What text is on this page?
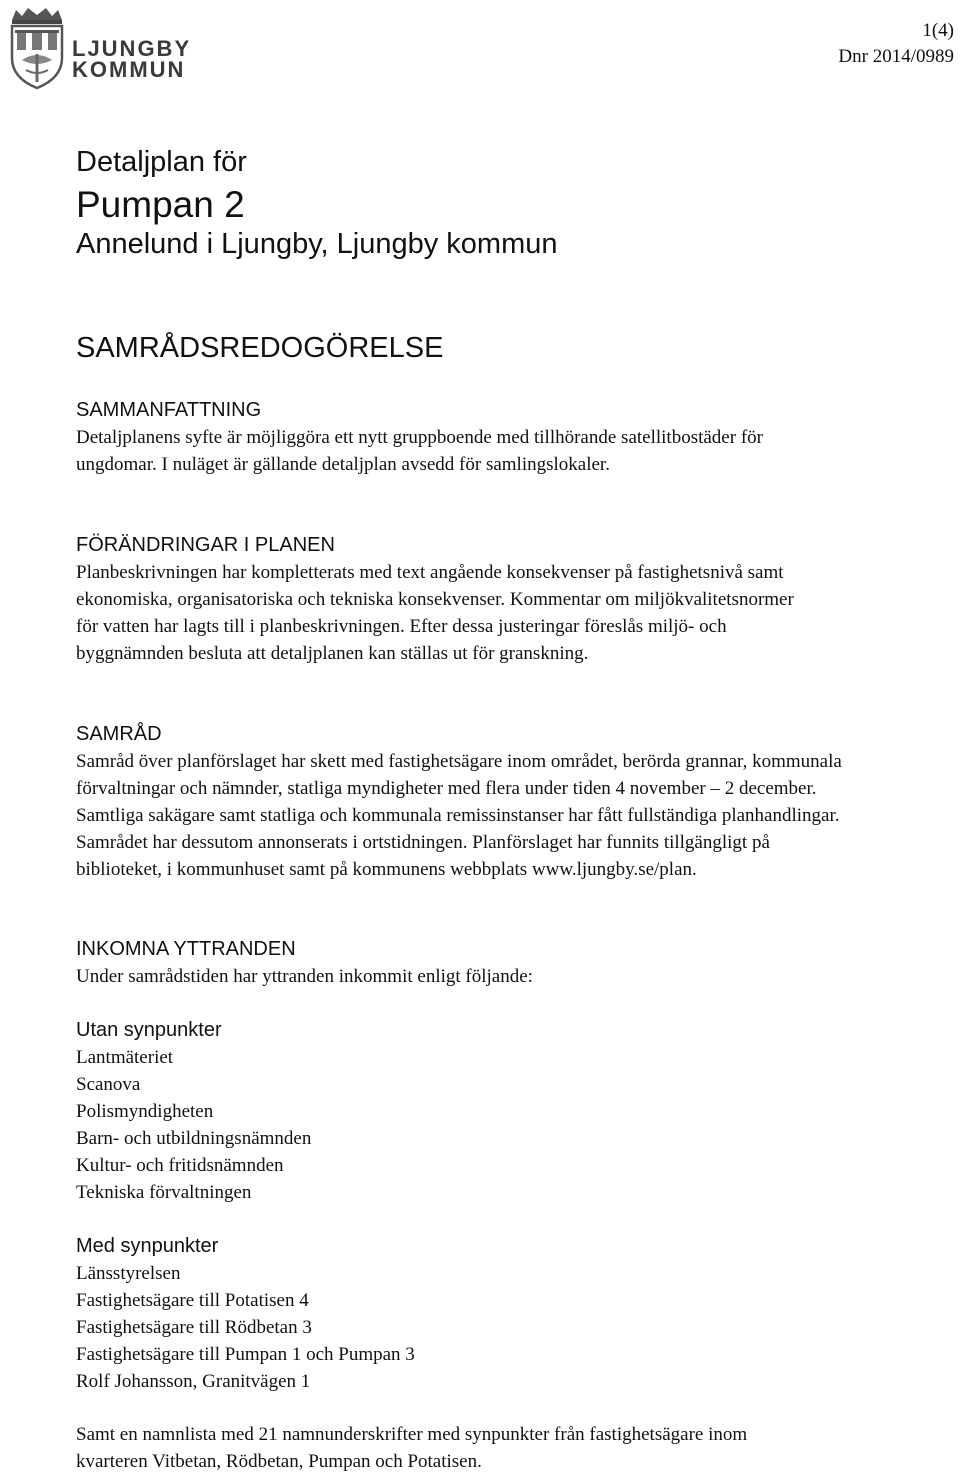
LJUNGBY
KOMMUN
1(4)
Dnr 2014/0989
Detaljplan för
Pumpan 2
Annelund i Ljungby, Ljungby kommun
SAMRÅDSREDOGÖRELSE
SAMMANFATTNING

Detaljplanens syfte är möjliggöra ett nytt gruppboende med tillhörande satellitbostäder för ungdomar. I nuläget är gällande detaljplan avsedd för samlingslokaler.

FÖRÄNDRINGAR I PLANEN

Planbeskrivningen har kompletterats med text angående konsekvenser på fastighetsnivå samt ekonomiska, organisatoriska och tekniska konsekvenser. Kommentar om miljökvalitetsnormer för vatten har lagts till i planbeskrivningen. Efter dessa justeringar föreslås miljö- och byggnämnden besluta att detaljplanen kan ställas ut för granskning.

SAMRÅD

Samråd över planförslaget har skett med fastighetsägare inom området, berörda grannar, kommunala förvaltningar och nämnder, statliga myndigheter med flera under tiden 4 november – 2 december. Samtliga sakägare samt statliga och kommunala remissinstanser har fått fullständiga planhandlingar. Samrådet har dessutom annonserats i ortstidningen. Planförslaget har funnits tillgängligt på biblioteket, i kommunhuset samt på kommunens webbplats www.ljungby.se/plan.

INKOMNA YTTRANDEN

Under samrådstiden har yttranden inkommit enligt följande:

Utan synpunkter
Lantmäteriet
Scanova
Polismyndigheten
Barn- och utbildningsnämnden
Kultur- och fritidsnämnden
Tekniska förvaltningen
Med synpunkter
Länsstyrelsen
Fastighetsägare till Potatisen 4
Fastighetsägare till Rödbetan 3
Fastighetsägare till Pumpan 1 och Pumpan 3
Rolf Johansson, Granitvägen 1

Samt en namnlista med 21 namnunderskrifter med synpunkter från fastighetsägare inom kvarteren Vitbetan, Rödbetan, Pumpan och Potatisen.
